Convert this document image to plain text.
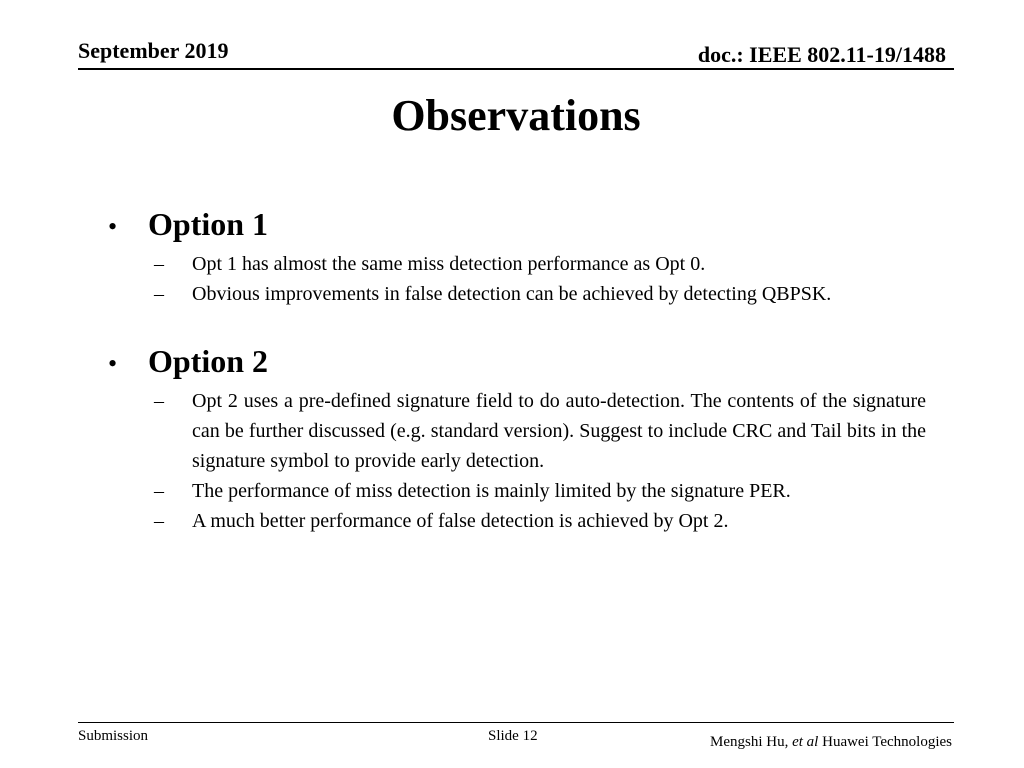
September 2019	doc.: IEEE 802.11-19/1488
Observations
• Option 1
–	Opt 1 has almost the same miss detection performance as Opt 0.
–	Obvious improvements in false detection can be achieved by detecting QBPSK.
• Option 2
–	Opt 2 uses a pre-defined signature field to do auto-detection. The contents of the signature can be further discussed (e.g. standard version). Suggest to include CRC and Tail bits in the signature symbol to provide early detection.
–	The performance of miss detection is mainly limited by the signature PER.
–	A much better performance of false detection is achieved by Opt 2.
Submission	Slide 12	Mengshi Hu, et al Huawei Technologies
